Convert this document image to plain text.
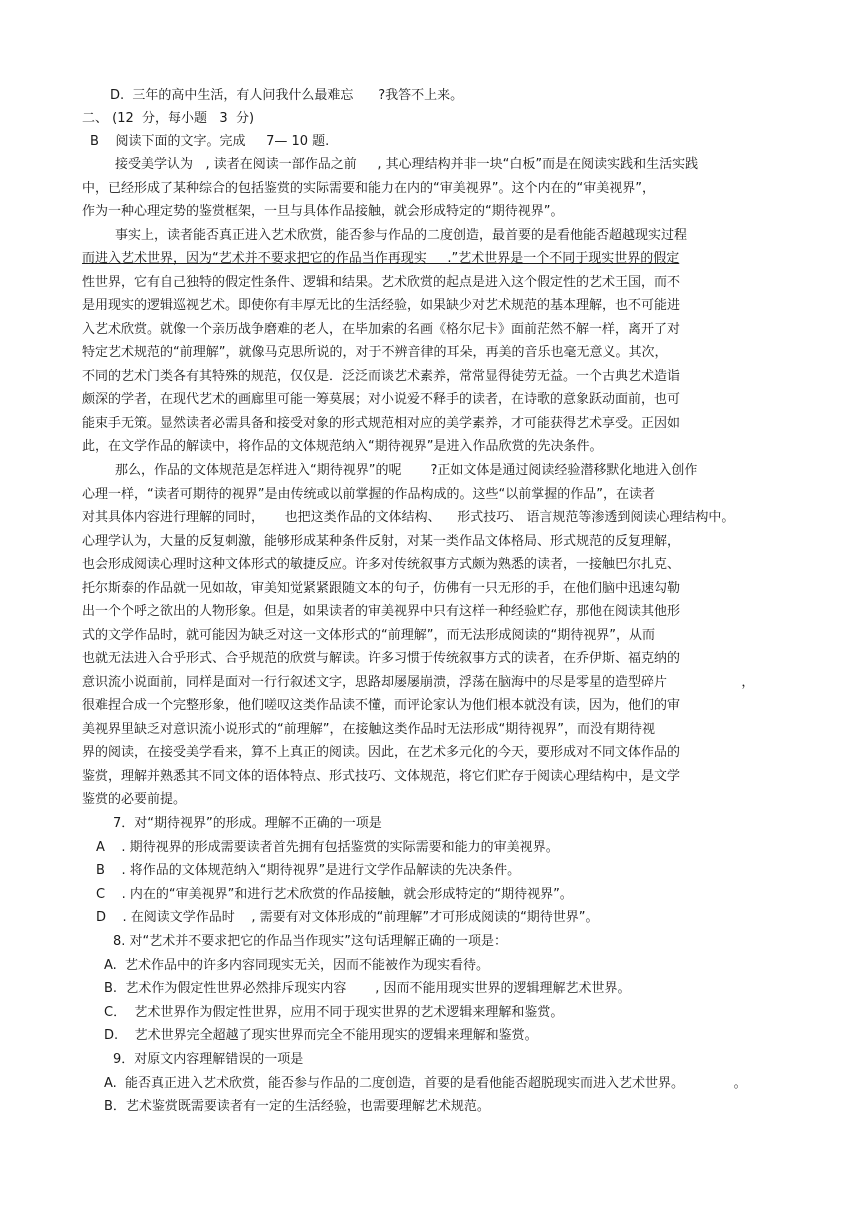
D.  三年的高中生活，有人问我什么最难忘      ?我答不上来。
二、 (12  分，每小题   3  分)
B    阅读下面的文字。完成     7— 10 题.
接受美学认为   , 读者在阅读一部作品之前     , 其心理结构并非一块“白板”而是在阅读实践和生活实践
中，已经形成了某种综合的包括鉴赏的实际需要和能力在内的“审美视界”。这个内在的“审美视界”，
作为一种心理定势的鉴赏框架，一旦与具体作品接触，就会形成特定的“期待视界”。
事实上，读者能否真正进入艺术欣赏，能否参与作品的二度创造，最首要的是看他能否超越现实过程
而进入艺术世界，因为“艺术并不要求把它的作品当作再现实     .”艺术世界是一个不同于现实世界的假定
性世界，它有自己独特的假定性条件、逻辑和结果。艺术欣赏的起点是进入这个假定性的艺术王国，而不
是用现实的逻辑巡视艺术。即使你有丰厚无比的生活经验，如果缺少对艺术规范的基本理解，也不可能进
入艺术欣赏。就像一个亲历战争磨难的老人，在毕加索的名画《格尔尼卡》面前茫然不解一样，离开了对
特定艺术规范的“前理解”，就像马克思所说的，对于不辨音律的耳朵，再美的音乐也毫无意义。其次，
不同的艺术门类各有其特殊的规范，仅仅是．泛泛而谈艺术素养，常常显得徒劳无益。一个古典艺术造诣
颇深的学者，在现代艺术的画廊里可能一筹莫展；对小说爱不释手的读者，在诗歌的意象跃动面前，也可
能束手无策。显然读者必需具备和接受对象的形式规范相对应的美学素养，才可能获得艺术享受。正因如
此，在文学作品的解读中，将作品的文体规范纳入“期待视界”是进入作品欣赏的先决条件。
那么，作品的文体规范是怎样进入“期待视界”的呢       ?正如文体是通过阅读经验潜移默化地进入创作
心理一样，“读者可期待的视界”是由传统或以前掌握的作品构成的。这些“以前掌握的作品”，在读者
对其具体内容进行理解的同时，     也把这类作品的文体结构、    形式技巧、 语言规范等渗透到阅读心理结构中。
心理学认为，大量的反复刺激，能够形成某种条件反射，对某一类作品文体格局、形式规范的反复理解，
也会形成阅读心理时这种文体形式的敏捷反应。许多对传统叙事方式颇为熟悉的读者，一接触巴尔扎克、
托尔斯泰的作品就一见如故，审美知觉紧紧跟随文本的句子，仿佛有一只无形的手，在他们脑中迅速勾勒
出一个个呼之欲出的人物形象。但是，如果读者的审美视界中只有这样一种经验贮存，那他在阅读其他形
式的文学作品时，就可能因为缺乏对这一文体形式的“前理解”，而无法形成阅读的“期待视界”，从而
也就无法进入合乎形式、合乎规范的欣赏与解读。许多习惯于传统叙事方式的读者，在乔伊斯、福克纳的
意识流小说面前，同样是面对一行行叙述文字，思路却屡屡崩溃，浮荡在脑海中的尽是零星的造型碎片                  ，
很难捏合成一个完整形象，他们嗟叹这类作品读不懂，而评论家认为他们根本就没有读，因为，他们的审
美视界里缺乏对意识流小说形式的“前理解”，在接触这类作品时无法形成“期待视界”，而没有期待视
界的阅读，在接受美学看来，算不上真正的阅读。因此，在艺术多元化的今天，要形成对不同文体作品的
鉴赏，理解并熟悉其不同文体的语体特点、形式技巧、文体规范，将它们贮存于阅读心理结构中，是文学
鉴赏的必要前提。
7．对“期待视界”的形成。理解不正确的一项是
A    . 期待视界的形成需要读者首先拥有包括鉴赏的实际需要和能力的审美视界。
B    . 将作品的文体规范纳入“期待视界”是进行文学作品解读的先决条件。
C    . 内在的“审美视界”和进行艺术欣赏的作品接触，就会形成特定的“期待视界”。
D    . 在阅读文学作品时    , 需要有对文体形成的“前理解”才可形成阅读的“期待世界”。
8. 对“艺术并不要求把它的作品当作现实”这句话理解正确的一项是：
A.  艺术作品中的许多内容同现实无关，因而不能被作为现实看待。
B.  艺术作为假定性世界必然排斥现实内容       , 因而不能用现实世界的逻辑理解艺术世界。
C．  艺术世界作为假定性世界，应用不同于现实世界的艺术逻辑来理解和鉴赏。
D.    艺术世界完全超越了现实世界而完全不能用现实的逻辑来理解和鉴赏。
9．对原文内容理解错误的一项是
A.  能否真正进入艺术欣赏，能否参与作品的二度创造，首要的是看他能否超脱现实而进入艺术世界。            。
B．艺术鉴赏既需要读者有一定的生活经验，也需要理解艺术规范。
